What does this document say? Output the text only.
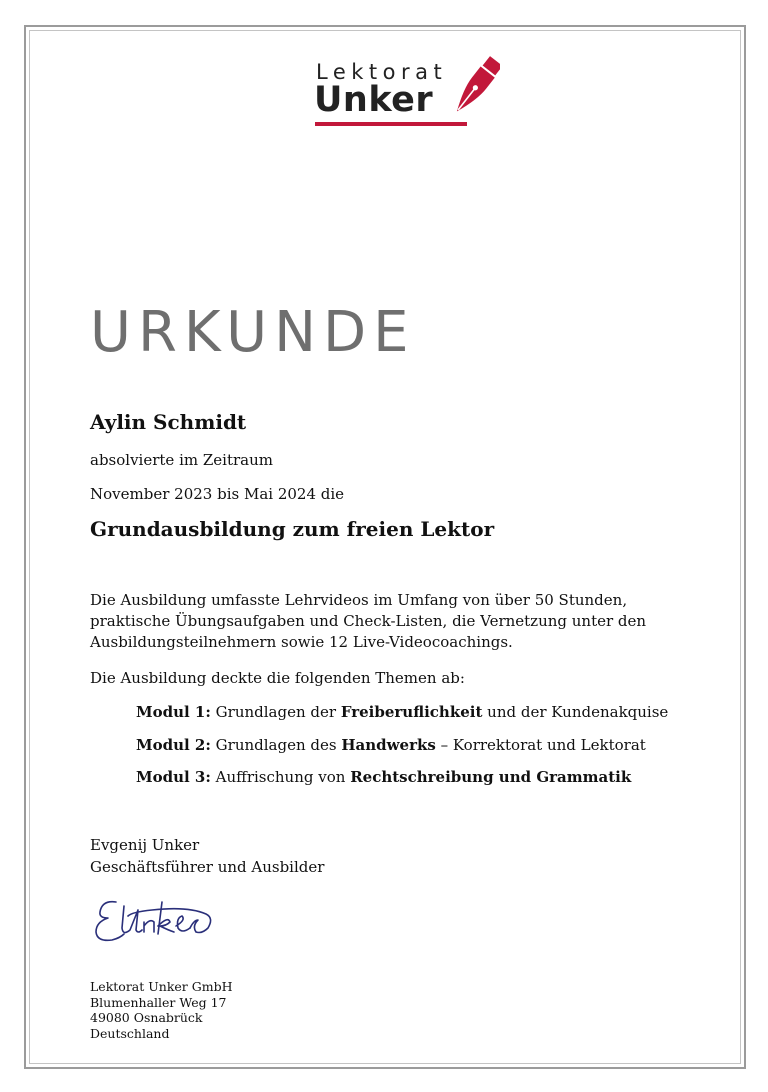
Lektorat
Unker
URKUNDE
Aylin Schmidt
absolvierte im Zeitraum
November 2023 bis Mai 2024 die
Grundausbildung zum freien Lektor
Die Ausbildung umfasste Lehrvideos im Umfang von über 50 Stunden,
praktische Übungsaufgaben und Check-Listen, die Vernetzung unter den
Ausbildungsteilnehmern sowie 12 Live-Videocoachings.
Die Ausbildung deckte die folgenden Themen ab:
Modul 1: Grundlagen der Freiberuflichkeit und der Kundenakquise
Modul 2: Grundlagen des Handwerks – Korrektorat und Lektorat
Modul 3: Auffrischung von Rechtschreibung und Grammatik
Evgenij Unker
Geschäftsführer und Ausbilder
Lektorat Unker GmbH
Blumenhaller Weg 17
49080 Osnabrück
Deutschland
